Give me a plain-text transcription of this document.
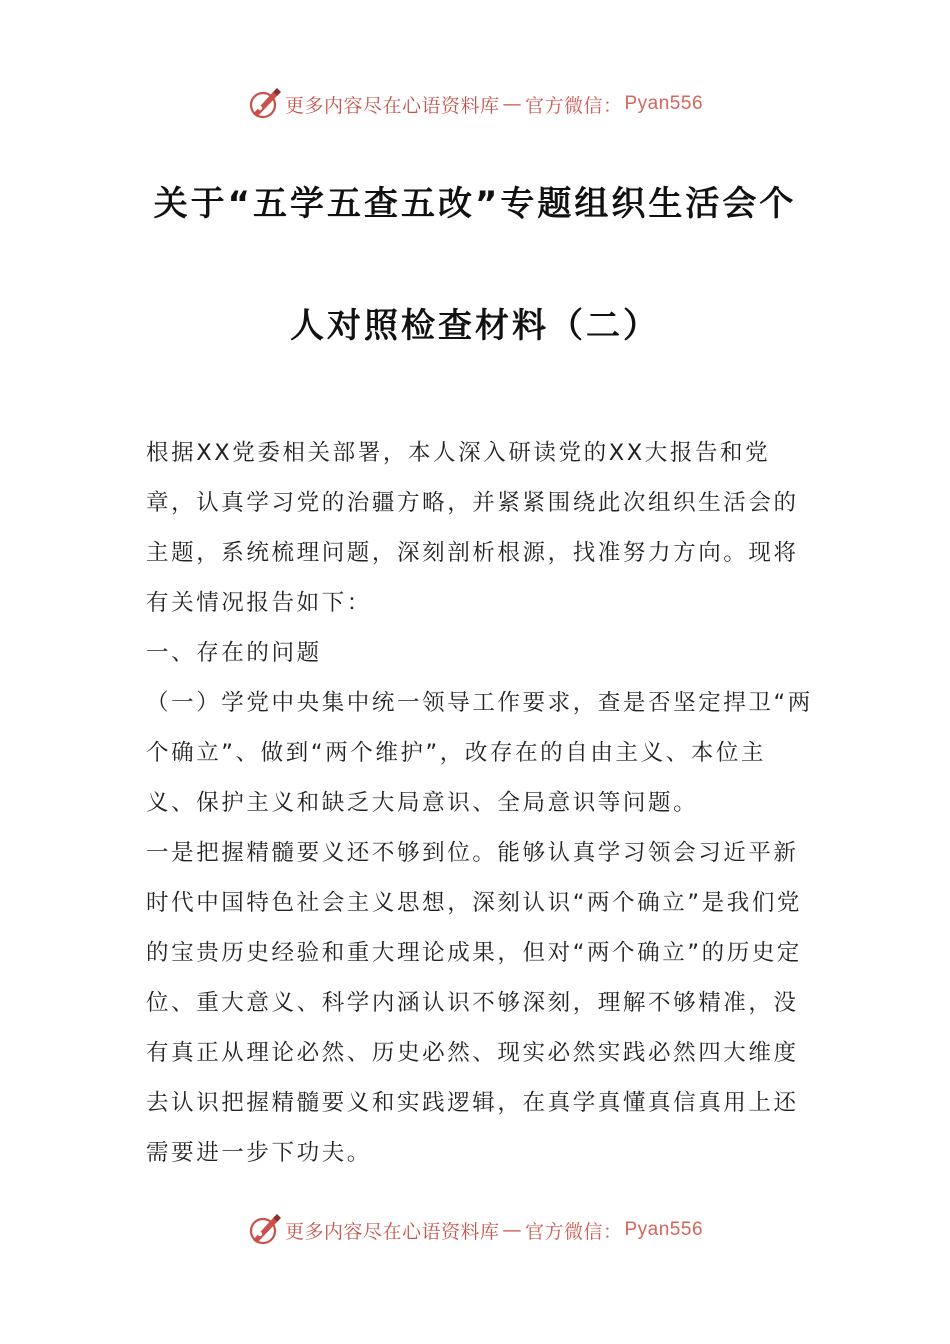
更多内容尽在心语资料库 — 官方微信： Pyan556
关于“五学五查五改”专题组织生活会个
人对照检查材料（二）

根据XX党委相关部署，本人深入研读党的XX大报告和党章，认真学习党的治疆方略，并紧紧围绕此次组织生活会的主题，系统梳理问题，深刻剖析根源，找准努力方向。现将有关情况报告如下：

一、存在的问题

（一）学党中央集中统一领导工作要求，查是否坚定捍卫“两个确立”、做到“两个维护”，改存在的自由主义、本位主义、保护主义和缺乏大局意识、全局意识等问题。

一是把握精髓要义还不够到位。能够认真学习领会习近平新时代中国特色社会主义思想，深刻认识“两个确立”是我们党的宝贵历史经验和重大理论成果，但对“两个确立”的历史定位、重大意义、科学内涵认识不够深刻，理解不够精准，没有真正从理论必然、历史必然、现实必然实践必然四大维度去认识把握精髓要义和实践逻辑，在真学真懂真信真用上还需要进一步下功夫。

更多内容尽在心语资料库 — 官方微信： Pyan556
